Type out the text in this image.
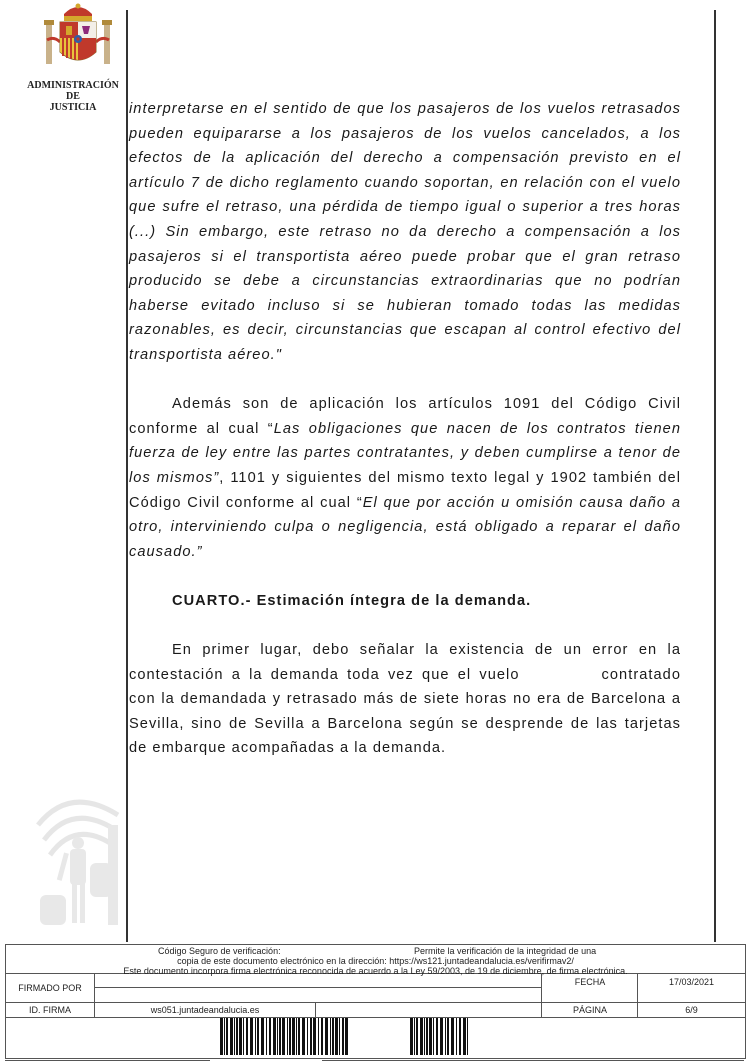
ADMINISTRACIÓN
DE
JUSTICIA	interpretarse en el sentido de que los pasajeros de los vuelos retrasados pueden equipararse a los pasajeros de los vuelos cancelados, a los efectos de la aplicación del derecho a compensación previsto en el artículo 7 de dicho reglamento cuando soportan, en relación con el vuelo que sufre el retraso, una pérdida de tiempo igual o superior a tres horas (...) Sin embargo, este retraso no da derecho a compensación a los pasajeros si el transportista aéreo puede probar que el gran retraso producido se debe a circunstancias extraordinarias que no podrían haberse evitado incluso si se hubieran tomado todas las medidas razonables, es decir, circunstancias que escapan al control efectivo del transportista aéreo."

Además son de aplicación los artículos 1091 del Código Civil conforme al cual “Las obligaciones que nacen de los contratos tienen fuerza de ley entre las partes contratantes, y deben cumplirse a tenor de los mismos”, 1101 y siguientes del mismo texto legal y 1902 también del Código Civil conforme al cual “El que por acción u omisión causa daño a otro, interviniendo culpa o negligencia, está obligado a reparar el daño causado.”

CUARTO.- Estimación íntegra de la demanda.

En primer lugar, debo señalar la existencia de un error en la contestación a la demanda toda vez que el vuelo	contratado con la demandada y retrasado más de siete horas no era de Barcelona a Sevilla, sino de Sevilla a Barcelona según se desprende de las tarjetas de embarque acompañadas a la demanda.

Código Seguro de verificación:	Permite la verificación de la integridad de una
copia de este documento electrónico en la dirección: https://ws121.juntadeandalucia.es/verifirmav2/
Este documento incorpora firma electrónica reconocida de acuerdo a la Ley 59/2003, de 19 de diciembre, de firma electrónica.
FIRMADO POR
FECHA	17/03/2021
ID. FIRMA	ws051.juntadeandalucia.es	PÁGINA	6/9
